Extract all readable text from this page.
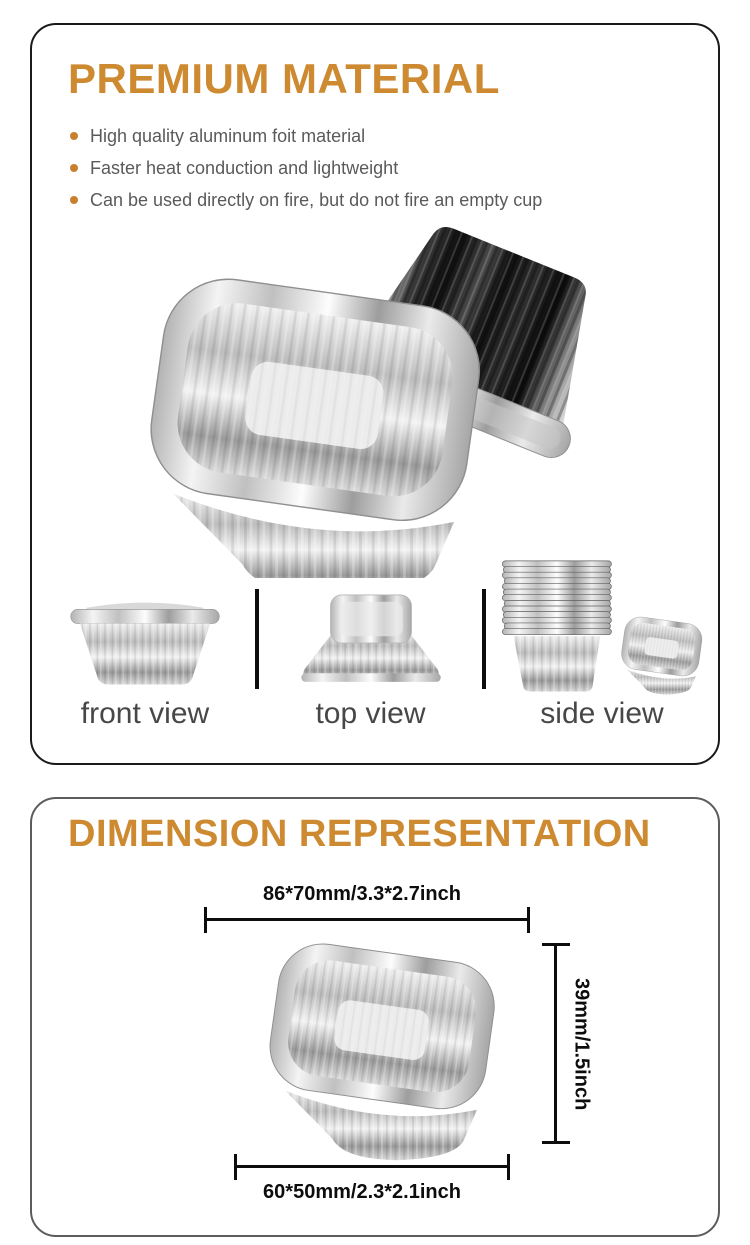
PREMIUM MATERIAL
High quality aluminum foit material
Faster heat conduction and lightweight
Can be used directly on fire, but do not fire an empty cup
front view	top view	side view
DIMENSION REPRESENTATION
86*70mm/3.3*2.7inch
39mm/1.5inch
60*50mm/2.3*2.1inch
